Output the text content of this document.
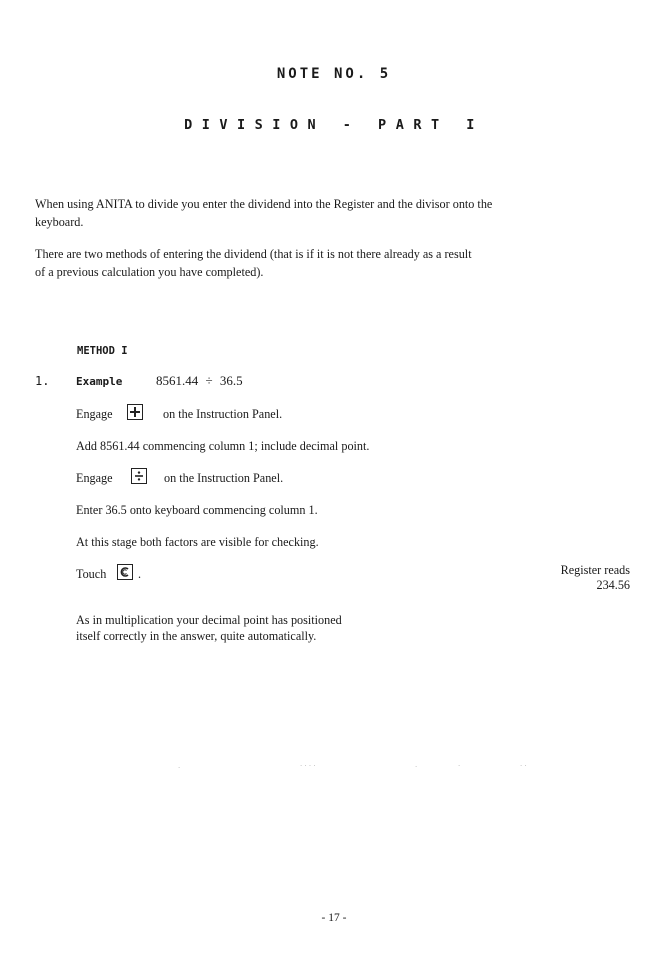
NOTE NO. 5
DIVISION - PART I
When using ANITA to divide you enter the dividend into the Register and the divisor onto the keyboard.
There are two methods of entering the dividend (that is if it is not there already as a result of a previous calculation you have completed).
METHOD I
1. Example	8561.44 ÷ 36.5
Engage	on the Instruction Panel.
Add 8561.44 commencing column 1; include decimal point.
Engage	on the Instruction Panel.
Enter 36.5 onto keyboard commencing column 1.
At this stage both factors are visible for checking.
Touch	.	Register reads
234.56
As in multiplication your decimal point has positioned
itself correctly in the answer, quite automatically.
· · · ·
·	·	·	· ·
- 17 -
